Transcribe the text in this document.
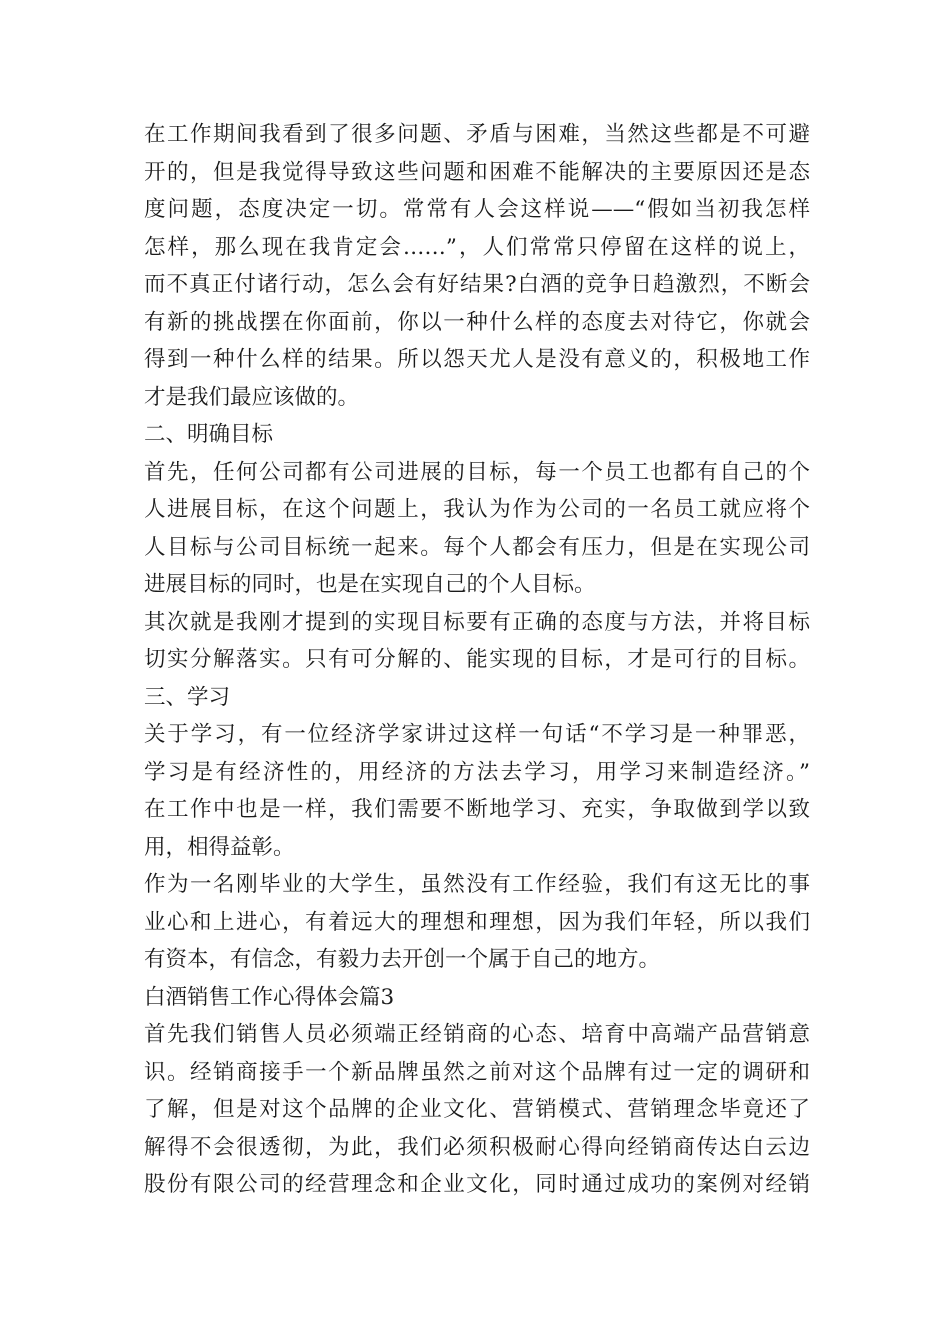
在工作期间我看到了很多问题、矛盾与困难，当然这些都是不可避
开的，但是我觉得导致这些问题和困难不能解决的主要原因还是态
度问题，态度决定一切。常常有人会这样说——“假如当初我怎样
怎样，那么现在我肯定会……”，人们常常只停留在这样的说上，
而不真正付诸行动，怎么会有好结果?白酒的竞争日趋激烈，不断会
有新的挑战摆在你面前，你以一种什么样的态度去对待它，你就会
得到一种什么样的结果。所以怨天尤人是没有意义的，积极地工作
才是我们最应该做的。
二、明确目标
首先，任何公司都有公司进展的目标，每一个员工也都有自己的个
人进展目标，在这个问题上，我认为作为公司的一名员工就应将个
人目标与公司目标统一起来。每个人都会有压力，但是在实现公司
进展目标的同时，也是在实现自己的个人目标。
其次就是我刚才提到的实现目标要有正确的态度与方法，并将目标
切实分解落实。只有可分解的、能实现的目标，才是可行的目标。
三、学习
关于学习，有一位经济学家讲过这样一句话“不学习是一种罪恶，
学习是有经济性的，用经济的方法去学习，用学习来制造经济。”
在工作中也是一样，我们需要不断地学习、充实，争取做到学以致
用，相得益彰。
作为一名刚毕业的大学生，虽然没有工作经验，我们有这无比的事
业心和上进心，有着远大的理想和理想，因为我们年轻，所以我们
有资本，有信念，有毅力去开创一个属于自己的地方。
白酒销售工作心得体会篇3
首先我们销售人员必须端正经销商的心态、培育中高端产品营销意
识。经销商接手一个新品牌虽然之前对这个品牌有过一定的调研和
了解，但是对这个品牌的企业文化、营销模式、营销理念毕竟还了
解得不会很透彻，为此，我们必须积极耐心得向经销商传达白云边
股份有限公司的经营理念和企业文化，同时通过成功的案例对经销
